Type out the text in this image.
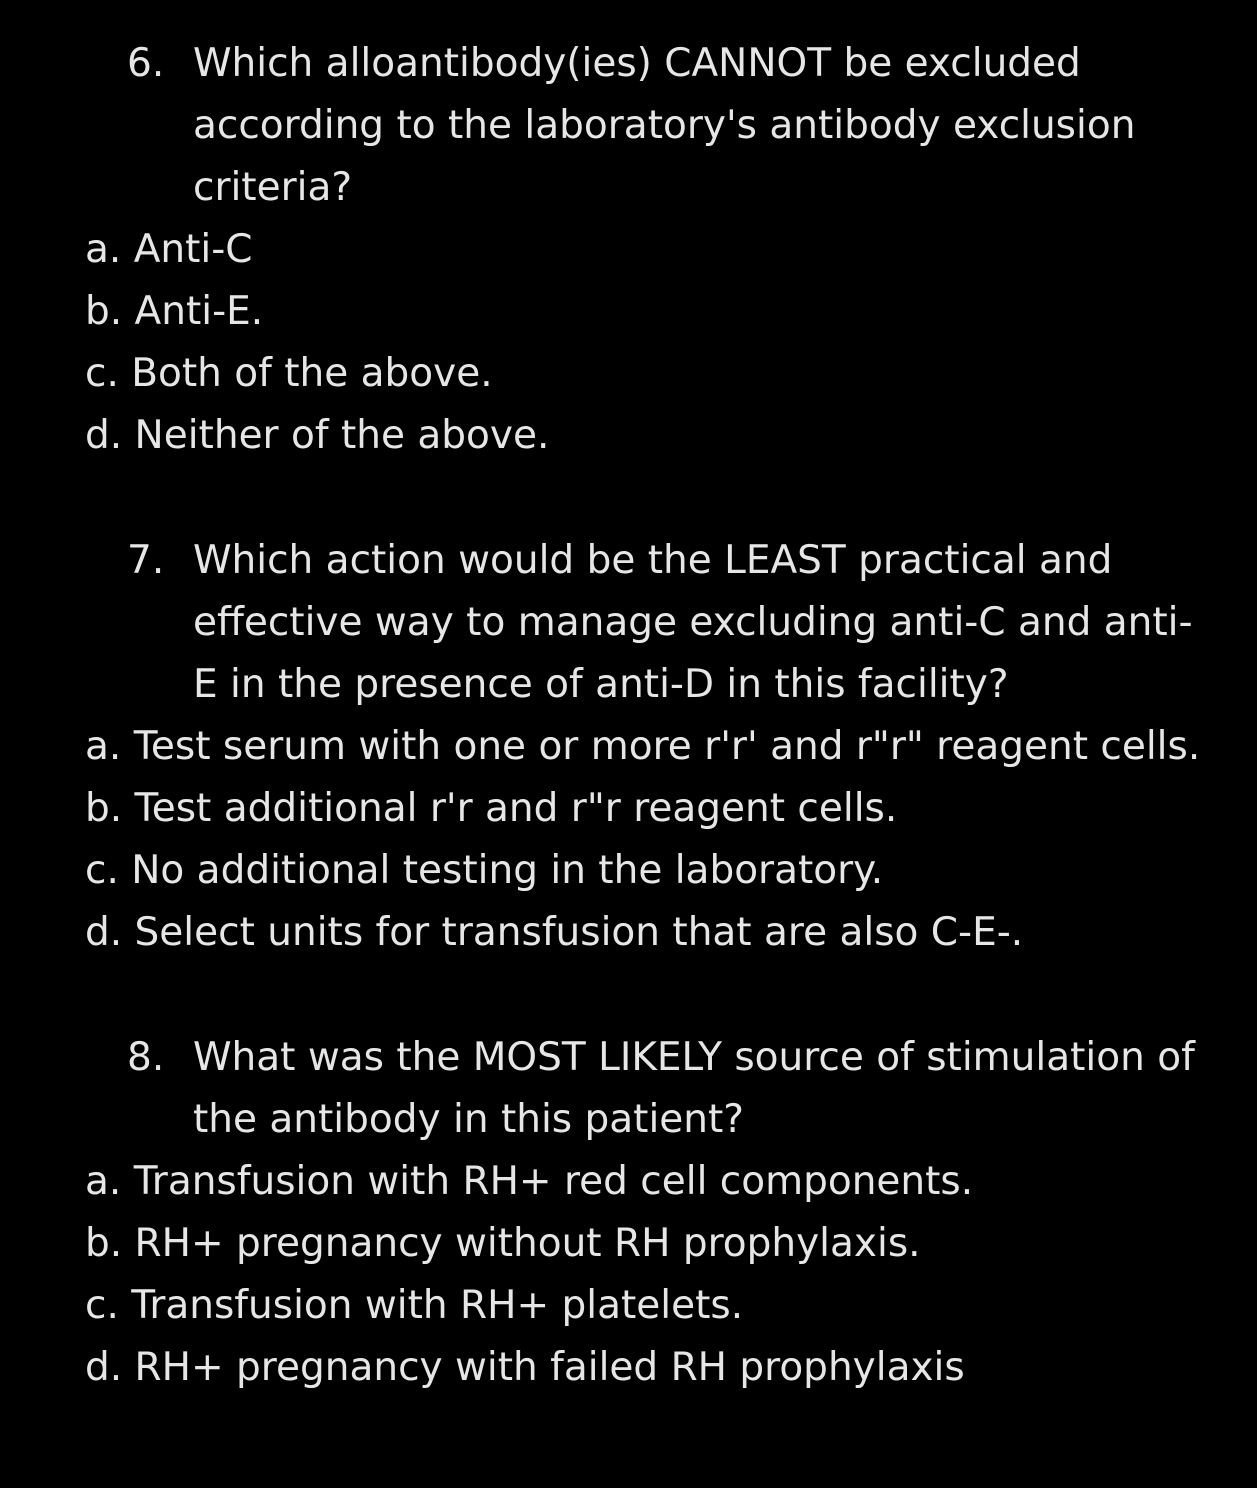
6. Which alloantibody(ies) CANNOT be excluded according to the laboratory's antibody exclusion criteria?
a. Anti-C
b. Anti-E.
c. Both of the above.
d. Neither of the above.
7. Which action would be the LEAST practical and effective way to manage excluding anti-C and anti-E in the presence of anti-D in this facility?
a. Test serum with one or more r'r' and r"r" reagent cells.
b. Test additional r'r and r"r reagent cells.
c. No additional testing in the laboratory.
d. Select units for transfusion that are also C-E-.
8. What was the MOST LIKELY source of stimulation of the antibody in this patient?
a. Transfusion with RH+ red cell components.
b. RH+ pregnancy without RH prophylaxis.
c. Transfusion with RH+ platelets.
d. RH+ pregnancy with failed RH prophylaxis
